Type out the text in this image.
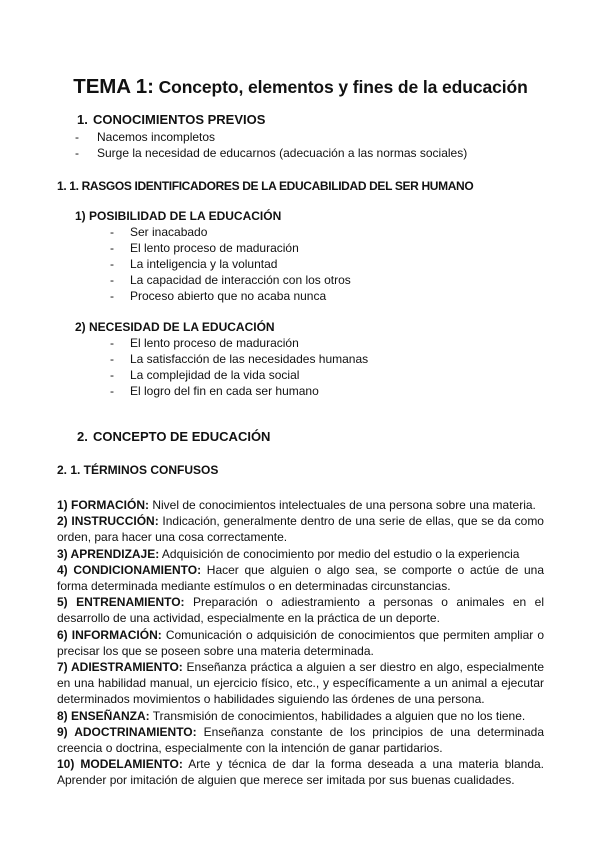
TEMA 1: Concepto, elementos y fines de la educación
1. CONOCIMIENTOS PREVIOS
- Nacemos incompletos
- Surge la necesidad de educarnos (adecuación a las normas sociales)
1. 1. RASGOS IDENTIFICADORES DE LA EDUCABILIDAD DEL SER HUMANO
1) POSIBILIDAD DE LA EDUCACIÓN
- Ser inacabado
- El lento proceso de maduración
- La inteligencia y la voluntad
- La capacidad de interacción con los otros
- Proceso abierto que no acaba nunca
2) NECESIDAD DE LA EDUCACIÓN
- El lento proceso de maduración
- La satisfacción de las necesidades humanas
- La complejidad de la vida social
- El logro del fin en cada ser humano
2. CONCEPTO DE EDUCACIÓN
2. 1. TÉRMINOS CONFUSOS

1) FORMACIÓN: Nivel de conocimientos intelectuales de una persona sobre una materia.

2) INSTRUCCIÓN: Indicación, generalmente dentro de una serie de ellas, que se da como orden, para hacer una cosa correctamente.

3) APRENDIZAJE: Adquisición de conocimiento por medio del estudio o la experiencia

4) CONDICIONAMIENTO: Hacer que alguien o algo sea, se comporte o actúe de una forma determinada mediante estímulos o en determinadas circunstancias.

5) ENTRENAMIENTO: Preparación o adiestramiento a personas o animales en el desarrollo de una actividad, especialmente en la práctica de un deporte.

6) INFORMACIÓN: Comunicación o adquisición de conocimientos que permiten ampliar o precisar los que se poseen sobre una materia determinada.

7) ADIESTRAMIENTO: Enseñanza práctica a alguien a ser diestro en algo, especialmente en una habilidad manual, un ejercicio físico, etc., y específicamente a un animal a ejecutar determinados movimientos o habilidades siguiendo las órdenes de una persona.

8) ENSEÑANZA: Transmisión de conocimientos, habilidades a alguien que no los tiene.

9) ADOCTRINAMIENTO: Enseñanza constante de los principios de una determinada creencia o doctrina, especialmente con la intención de ganar partidarios.

10) MODELAMIENTO: Arte y técnica de dar la forma deseada a una materia blanda. Aprender por imitación de alguien que merece ser imitada por sus buenas cualidades.
